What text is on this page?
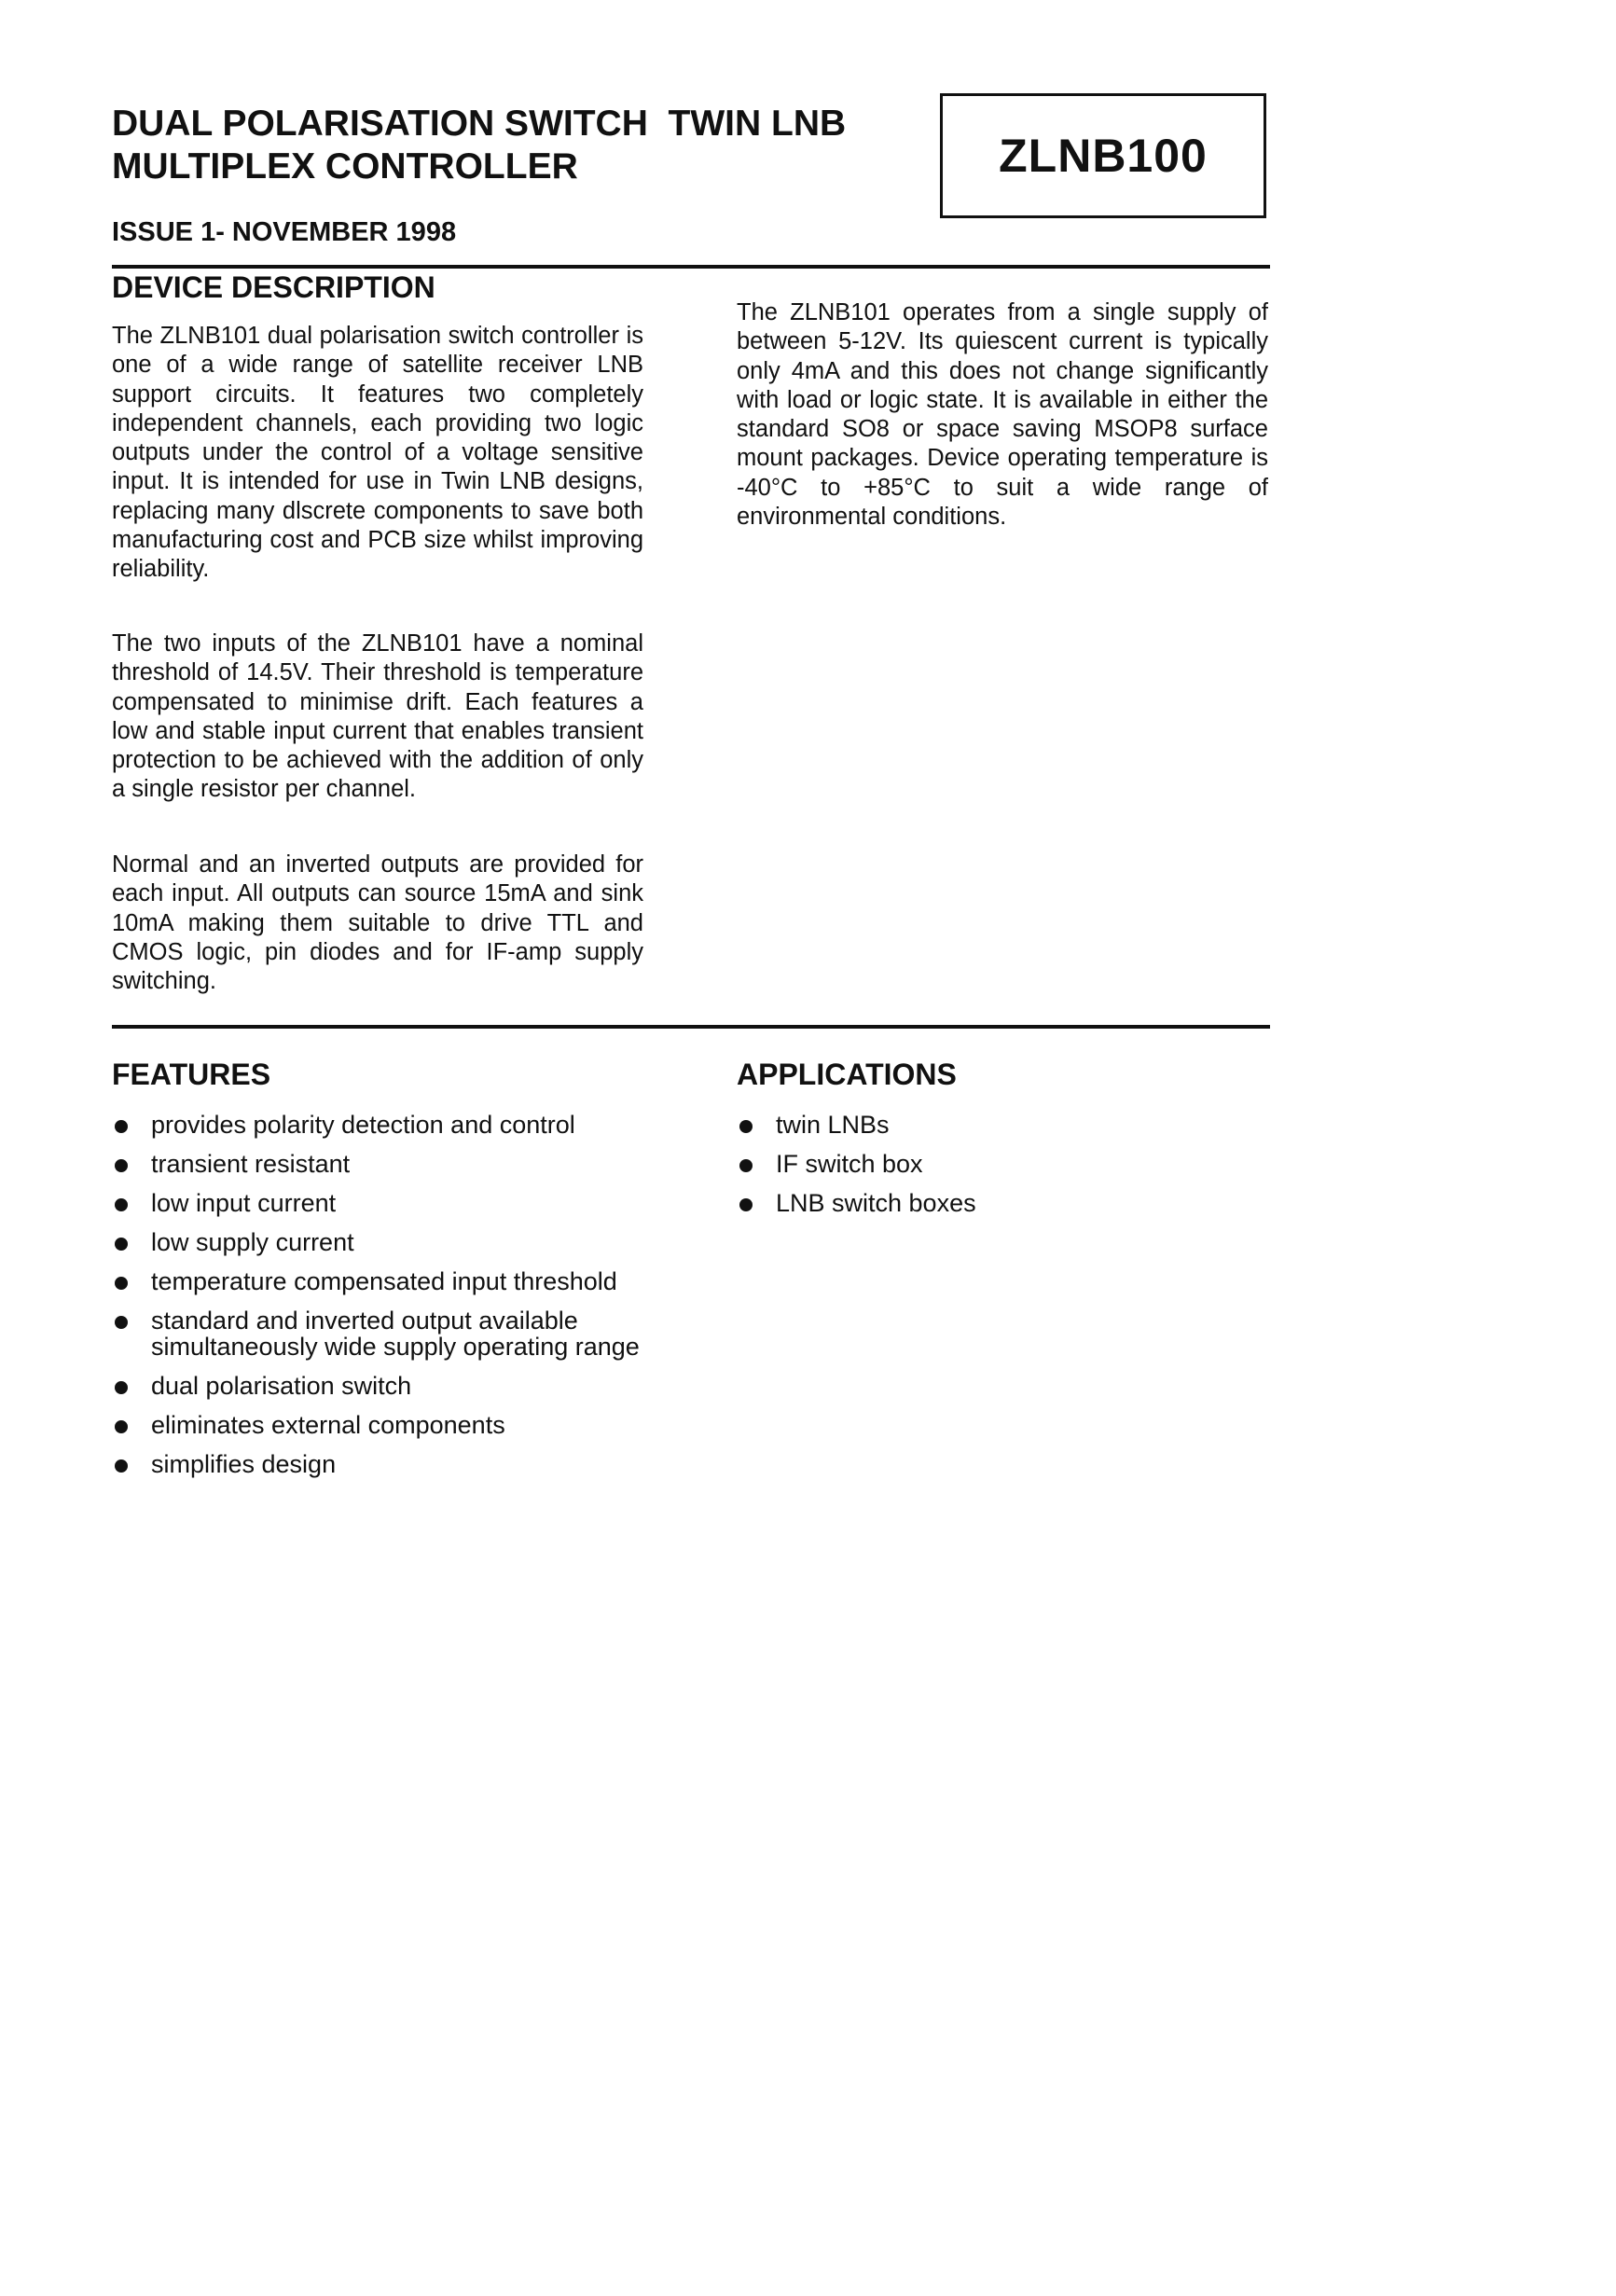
DUAL POLARISATION SWITCH  TWIN LNB
MULTIPLEX CONTROLLER
ISSUE 1- NOVEMBER 1998
ZLNB100
DEVICE DESCRIPTION

The ZLNB101 dual polarisation switch controller is one of a wide range of satellite receiver LNB support circuits. It features two completely independent channels, each providing two logic outputs under the control of a voltage sensitive input. It is intended for use in Twin LNB designs, replacing many dlscrete components to save both manufacturing cost and PCB size whilst improving reliability.

The two inputs of the ZLNB101 have a nominal threshold of 14.5V. Their threshold is temperature compensated to minimise drift. Each features a low and stable input current that enables transient protection to be achieved with the addition of only a single resistor per channel.

Normal and an inverted outputs are provided for each input. All outputs can source 15mA and sink 10mA making them suitable to drive TTL and CMOS logic, pin diodes and for IF-amp supply switching.

The ZLNB101 operates from a single supply of between 5-12V. Its quiescent current is typically only 4mA and this does not change significantly with load or logic state. It is available in either the standard SO8 or space saving MSOP8 surface mount packages. Device operating temperature is -40°C to +85°C to suit a wide range of environmental conditions.

FEATURES	APPLICATIONS
provides polarity detection and control
transient resistant
low input current
low supply current
temperature compensated input threshold
standard and inverted output available simultaneously wide supply operating range
dual polarisation switch
eliminates external components
simplifies design
twin LNBs
IF switch box
LNB switch boxes
